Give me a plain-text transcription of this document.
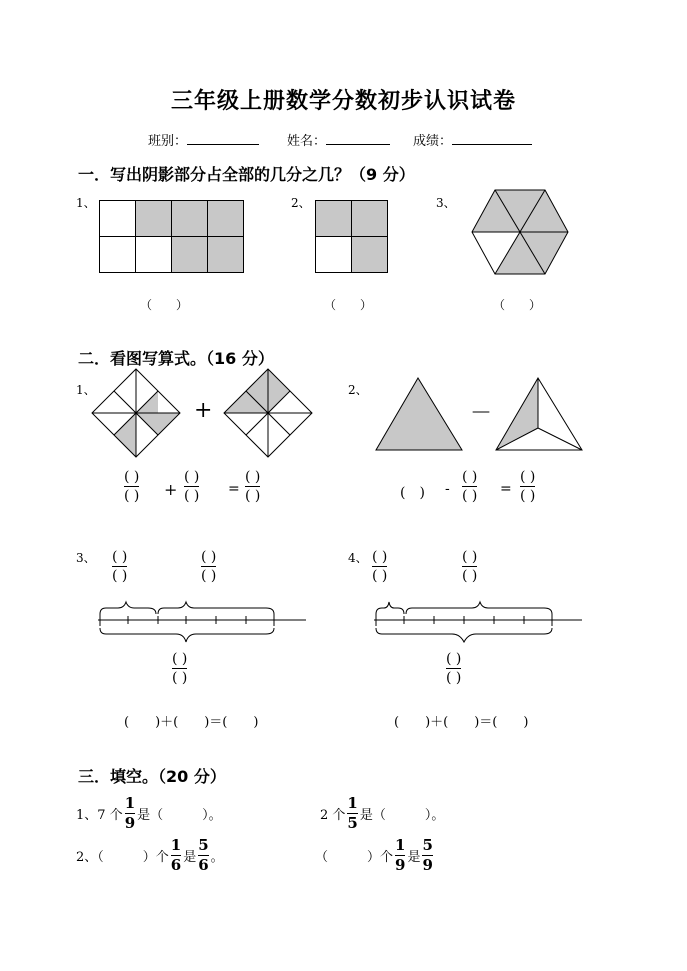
三年级上册数学分数初步认识试卷
班别：	姓名：	成绩：
一．写出阴影部分占全部的几分之几？（9 分）
1、	2、	3、
（　　）	（　　）	（　　）
二．看图写算式。（16 分）
1、	2、
+	－
( )
( ) +
( )
( ) =
( )
( )	(　) -
( )
( ) =
( )
( )
3、	4、
( )
( )
( )
( )
( )
( )
(　　)＋(　　)＝(　　)
( )
( )
( )
( )
( )
( )
(　　)＋(　　)＝(　　)
三．填空。（20 分）
1、7 个 $\frac{1}{9}$ 是（　　　）。	2 个 $\frac{1}{5}$ 是（　　　）。
2、（　　　）个 $\frac{1}{6}$ 是 $\frac{5}{6}$ 。	（　　　）个 $\frac{1}{9}$ 是 $\frac{5}{9}$
